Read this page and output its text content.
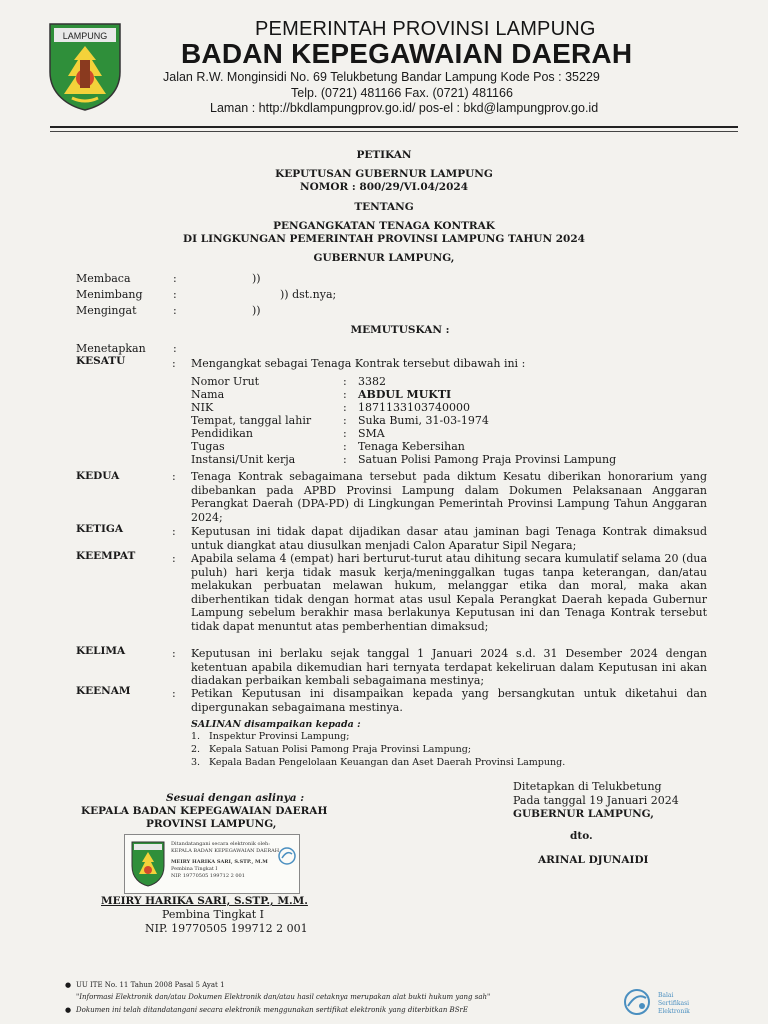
LAMPUNG	PEMERINTAH PROVINSI LAMPUNG
BADAN KEPEGAWAIAN DAERAH
Jalan R.W. Monginsidi No. 69 Telukbetung Bandar Lampung Kode Pos : 35229
Telp. (0721) 481166 Fax. (0721) 481166
Laman : http://bkdlampungprov.go.id/ pos-el : bkd@lampungprov.go.id
PETIKAN
KEPUTUSAN GUBERNUR LAMPUNG
NOMOR : 800/29/VI.04/2024
TENTANG
PENGANGKATAN TENAGA KONTRAK
DI LINGKUNGAN PEMERINTAH PROVINSI LAMPUNG TAHUN 2024
GUBERNUR LAMPUNG,
Membaca	:	))
Menimbang	:	)) dst.nya;
Mengingat	:	))
MEMUTUSKAN :
Menetapkan :
KESATU	: Mengangkat sebagai Tenaga Kontrak tersebut dibawah ini :
Nomor Urut	: 3382
Nama	: ABDUL MUKTI
NIK	: 1871133103740000
Tempat, tanggal lahir	: Suka Bumi, 31-03-1974
Pendidikan	: SMA
Tugas	: Tenaga Kebersihan
Instansi/Unit kerja	: Satuan Polisi Pamong Praja Provinsi Lampung
KEDUA	: Tenaga Kontrak sebagaimana tersebut pada diktum Kesatu diberikan honorarium yang dibebankan pada APBD Provinsi Lampung dalam Dokumen Pelaksanaan Anggaran Perangkat Daerah (DPA-PD) di Lingkungan Pemerintah Provinsi Lampung Tahun Anggaran 2024;
KETIGA	: Keputusan ini tidak dapat dijadikan dasar atau jaminan bagi Tenaga Kontrak dimaksud untuk diangkat atau diusulkan menjadi Calon Aparatur Sipil Negara;
KEEMPAT	: Apabila selama 4 (empat) hari berturut-turut atau dihitung secara kumulatif selama 20 (dua puluh) hari kerja tidak masuk kerja/meninggalkan tugas tanpa keterangan, dan/atau melakukan perbuatan melawan hukum, melanggar etika dan moral, maka akan diberhentikan tidak dengan hormat atas usul Kepala Perangkat Daerah kepada Gubernur Lampung sebelum berakhir masa berlakunya Keputusan ini dan Tenaga Kontrak tersebut tidak dapat menuntut atas pemberhentian dimaksud;
KELIMA	: Keputusan ini berlaku sejak tanggal 1 Januari 2024 s.d. 31 Desember 2024 dengan ketentuan apabila dikemudian hari ternyata terdapat kekeliruan dalam Keputusan ini akan diadakan perbaikan kembali sebagaimana mestinya;
KEENAM	: Petikan Keputusan ini disampaikan kepada yang bersangkutan untuk diketahui dan dipergunakan sebagaimana mestinya.
SALINAN disampaikan kepada :
1. Inspektur Provinsi Lampung;
2. Kepala Satuan Polisi Pamong Praja Provinsi Lampung;
3. Kepala Badan Pengelolaan Keuangan dan Aset Daerah Provinsi Lampung.
Ditetapkan di Telukbetung
Pada tanggal 19 Januari 2024
GUBERNUR LAMPUNG,
dto.
ARINAL DJUNAIDI
Sesuai dengan aslinya :
KEPALA BADAN KEPEGAWAIAN DAERAH
PROVINSI LAMPUNG,
Ditandatangani secara elektronik oleh:
KEPALA BADAN KEPEGAWAIAN DAERAH
MEIRY HARIKA SARI, S.STP., M.M
Pembina Tingkat I
NIP. 19770505 199712 2 001
MEIRY HARIKA SARI, S.STP., M.M.
Pembina Tingkat I
NIP. 19770505 199712 2 001
● UU ITE No. 11 Tahun 2008 Pasal 5 Ayat 1
"Informasi Elektronik dan/atau Dokumen Elektronik dan/atau hasil cetaknya merupakan alat bukti hukum yang sah"
● Dokumen ini telah ditandatangani secara elektronik menggunakan sertifikat elektronik yang diterbitkan BSrE
Balai
Sertifikasi
Elektronik
